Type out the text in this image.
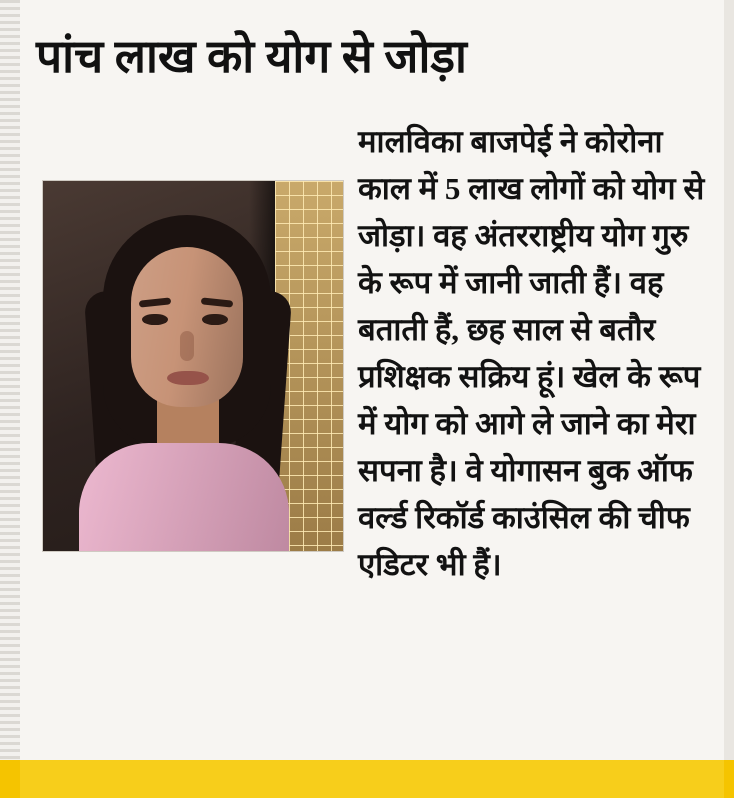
पांच लाख को योग से जोड़ा

मालविका बाजपेई ने कोरोना काल में 5 लाख लोगों को योग से जोड़ा। वह अंतरराष्ट्रीय योग गुरु के रूप में जानी जाती हैं। वह बताती हैं, छह साल से बतौर प्रशिक्षक सक्रिय हूं। खेल के रूप में योग को आगे ले जाने का मेरा सपना है। वे योगासन बुक ऑफ वर्ल्ड रिकॉर्ड काउंसिल की चीफ एडिटर भी हैं।
